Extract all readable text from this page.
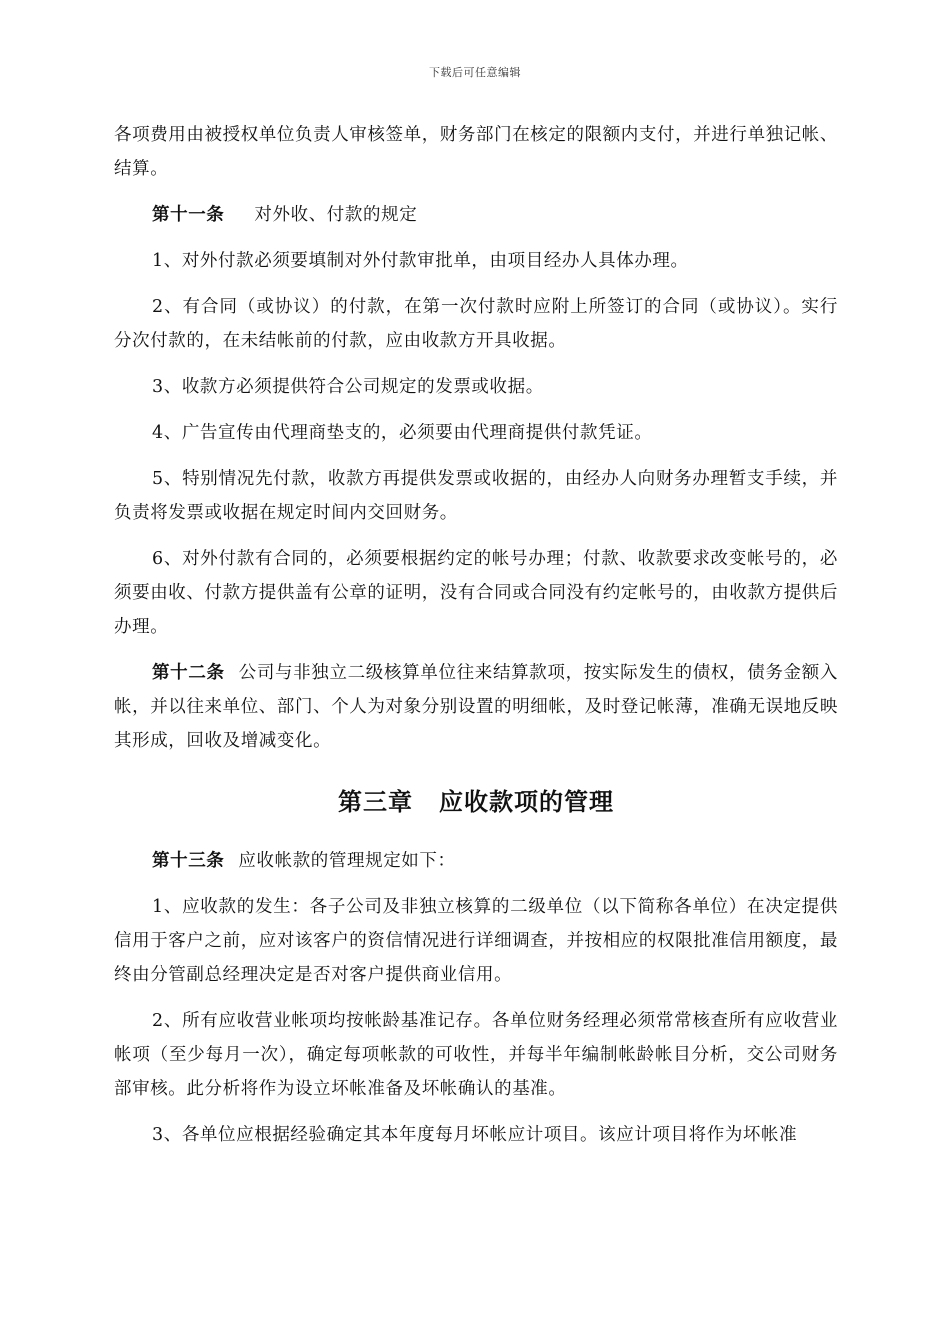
下载后可任意编辑

各项费用由被授权单位负责人审核签单，财务部门在核定的限额内支付，并进行单独记帐、结算。

第十一条 对外收、付款的规定

1、对外付款必须要填制对外付款审批单，由项目经办人具体办理。

2、有合同（或协议）的付款，在第一次付款时应附上所签订的合同（或协议）。实行分次付款的，在未结帐前的付款，应由收款方开具收据。

3、收款方必须提供符合公司规定的发票或收据。

4、广告宣传由代理商垫支的，必须要由代理商提供付款凭证。

5、特别情况先付款，收款方再提供发票或收据的，由经办人向财务办理暂支手续，并负责将发票或收据在规定时间内交回财务。

6、对外付款有合同的，必须要根据约定的帐号办理；付款、收款要求改变帐号的，必须要由收、付款方提供盖有公章的证明，没有合同或合同没有约定帐号的，由收款方提供后办理。

第十二条 公司与非独立二级核算单位往来结算款项，按实际发生的债权，债务金额入帐，并以往来单位、部门、个人为对象分别设置的明细帐，及时登记帐薄，准确无误地反映其形成，回收及增减变化。

第三章 应收款项的管理

第十三条 应收帐款的管理规定如下：

1、应收款的发生：各子公司及非独立核算的二级单位（以下简称各单位）在决定提供信用于客户之前，应对该客户的资信情况进行详细调查，并按相应的权限批准信用额度，最终由分管副总经理决定是否对客户提供商业信用。

2、所有应收营业帐项均按帐龄基准记存。各单位财务经理必须常常核查所有应收营业帐项（至少每月一次），确定每项帐款的可收性，并每半年编制帐龄帐目分析，交公司财务部审核。此分析将作为设立坏帐准备及坏帐确认的基准。

3、各单位应根据经验确定其本年度每月坏帐应计项目。该应计项目将作为坏帐准
